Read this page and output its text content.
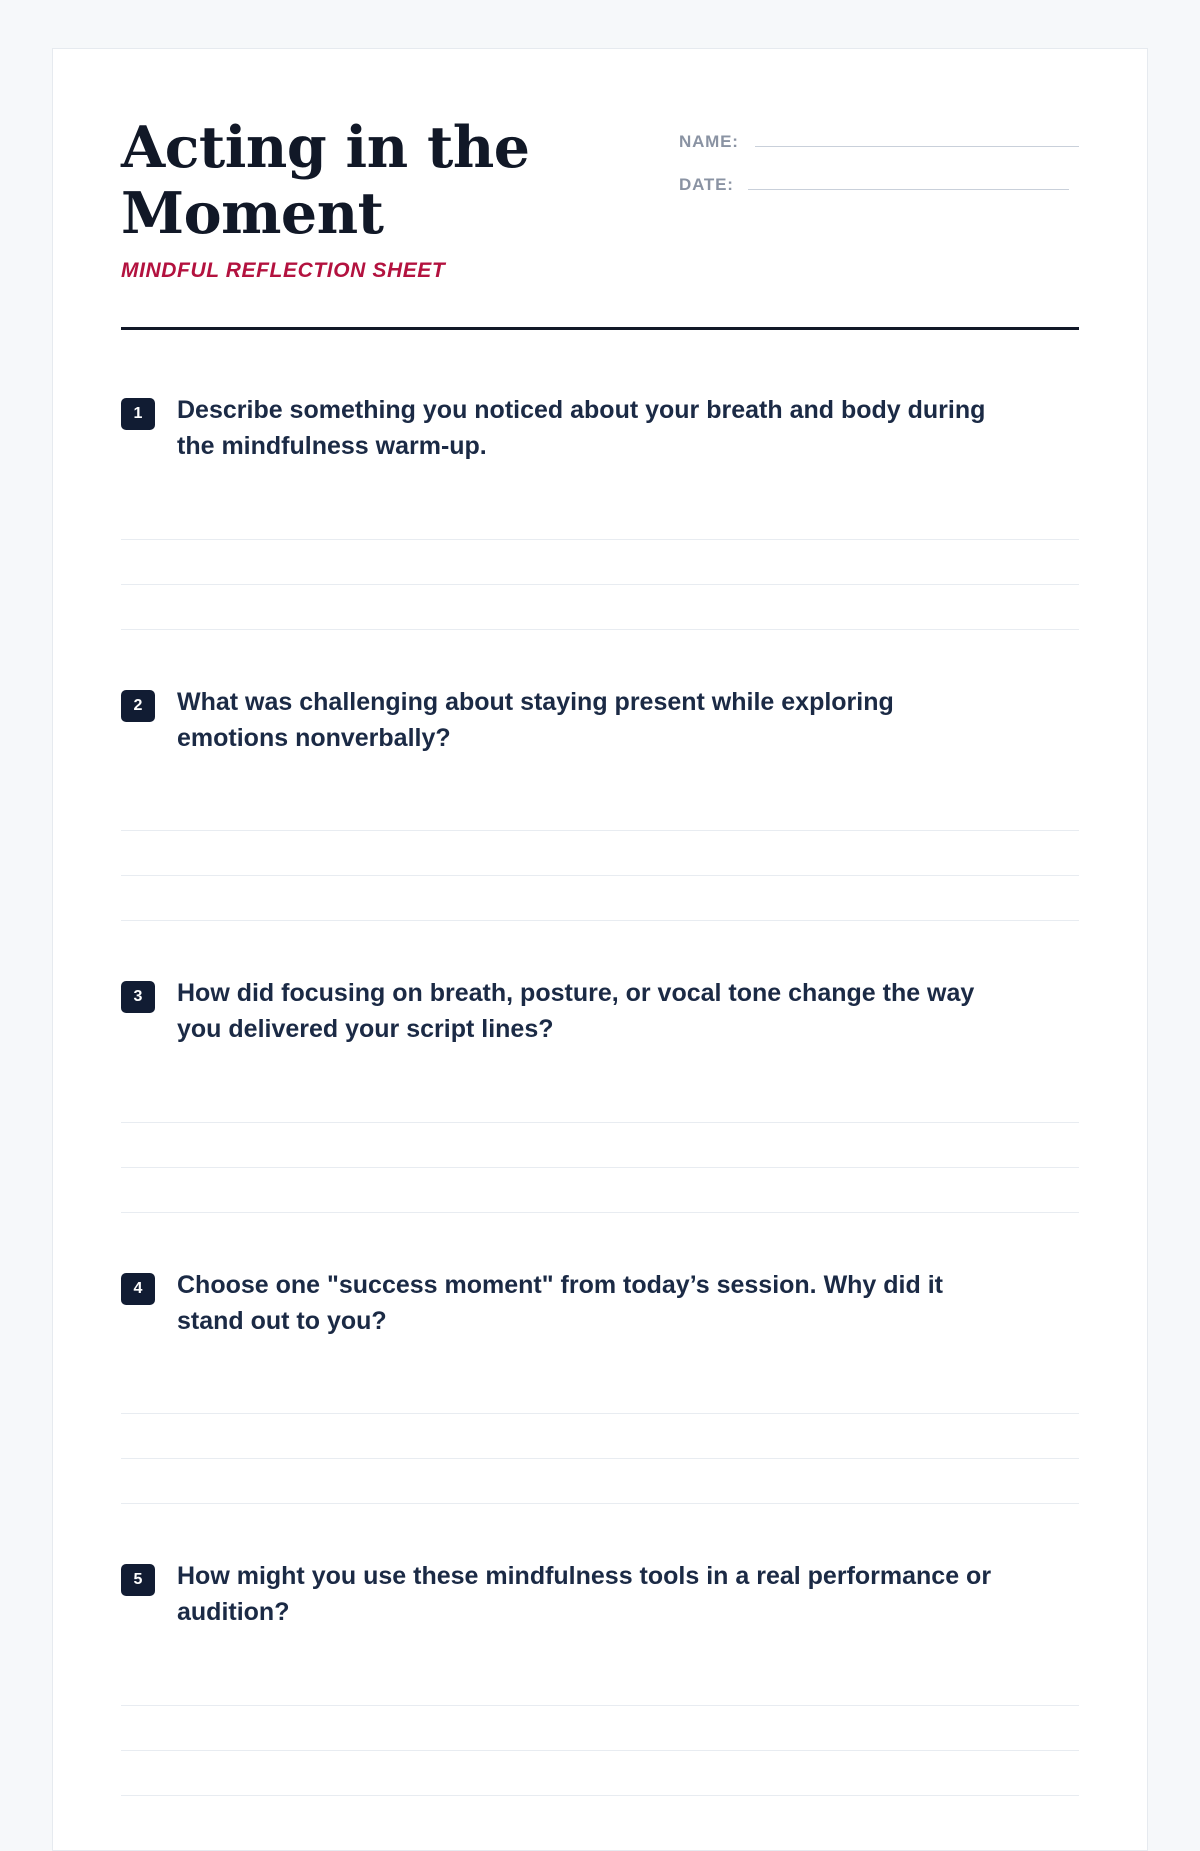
Acting in the Moment
MINDFUL REFLECTION SHEET
NAME:
DATE:
1	Describe something you noticed about your breath and body during the mindfulness warm-up.
2	What was challenging about staying present while exploring emotions nonverbally?
3	How did focusing on breath, posture, or vocal tone change the way you delivered your script lines?
4	Choose one "success moment" from today’s session. Why did it stand out to you?
5	How might you use these mindfulness tools in a real performance or audition?
